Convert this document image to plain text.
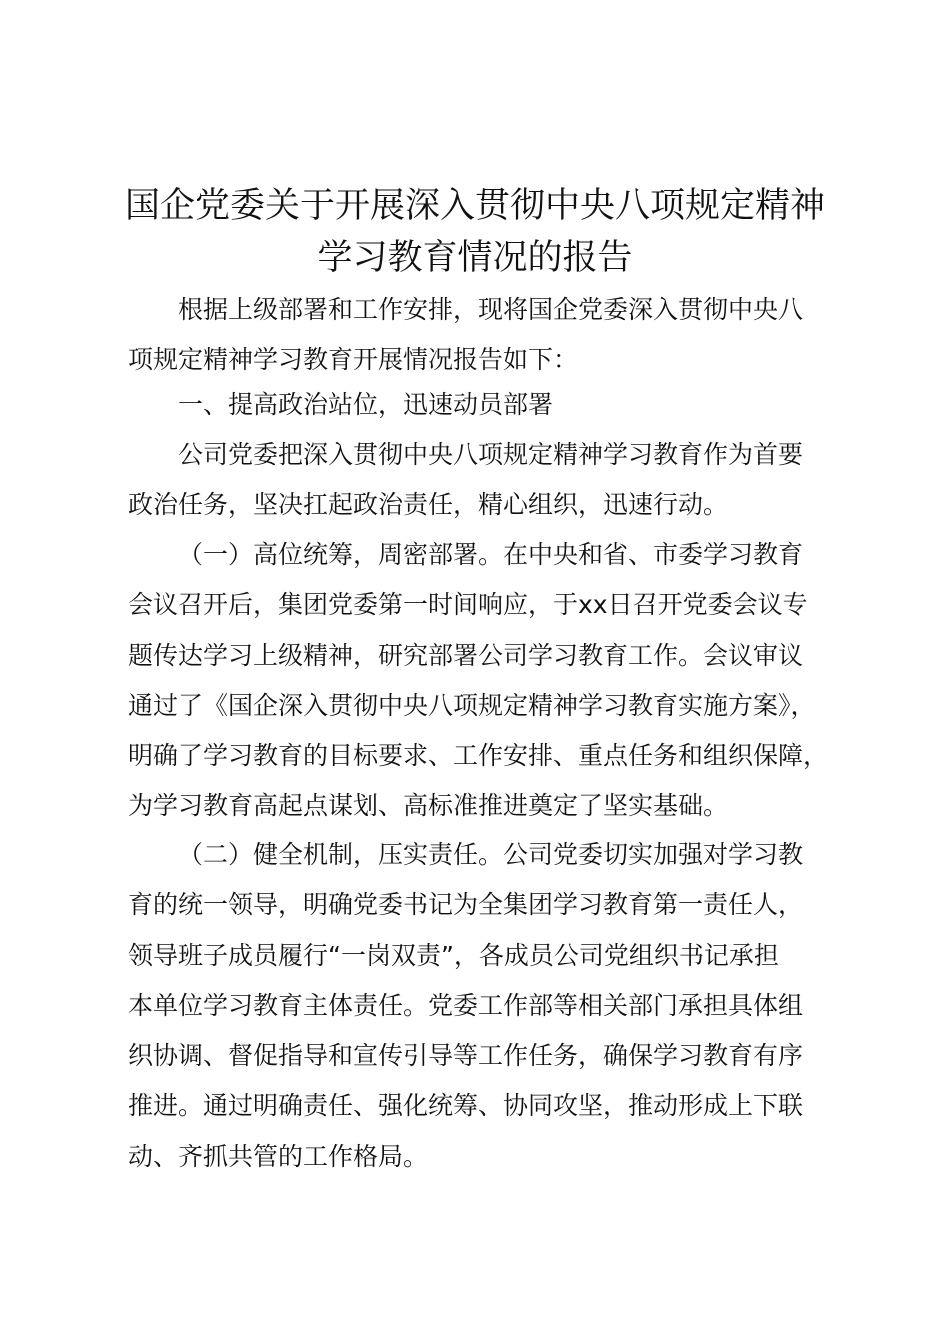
国企党委关于开展深入贯彻中央八项规定精神
学习教育情况的报告

根据上级部署和工作安排，现将国企党委深入贯彻中央八
项规定精神学习教育开展情况报告如下：

一、提高政治站位，迅速动员部署

公司党委把深入贯彻中央八项规定精神学习教育作为首要
政治任务，坚决扛起政治责任，精心组织，迅速行动。

（一）高位统筹，周密部署。在中央和省、市委学习教育
会议召开后，集团党委第一时间响应，于xx日召开党委会议专
题传达学习上级精神，研究部署公司学习教育工作。会议审议
通过了《国企深入贯彻中央八项规定精神学习教育实施方案》，
明确了学习教育的目标要求、工作安排、重点任务和组织保障，
为学习教育高起点谋划、高标准推进奠定了坚实基础。

（二）健全机制，压实责任。公司党委切实加强对学习教
育的统一领导，明确党委书记为全集团学习教育第一责任人，
领导班子成员履行“一岗双责”，各成员公司党组织书记承担
本单位学习教育主体责任。党委工作部等相关部门承担具体组
织协调、督促指导和宣传引导等工作任务，确保学习教育有序
推进。通过明确责任、强化统筹、协同攻坚，推动形成上下联
动、齐抓共管的工作格局。
